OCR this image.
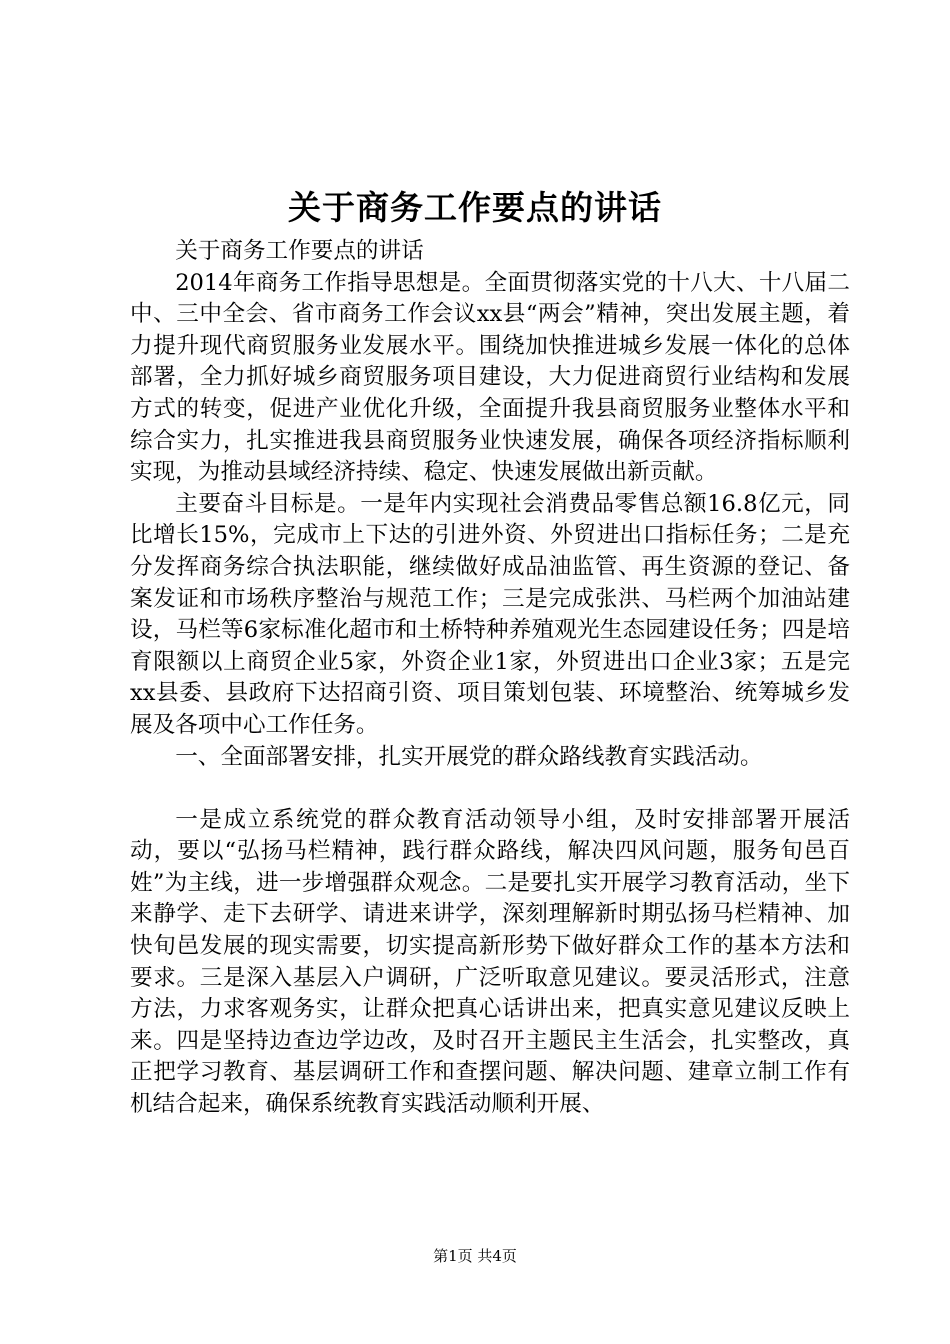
关于商务工作要点的讲话

关于商务工作要点的讲话

2014年商务工作指导思想是。全面贯彻落实党的十八大、十八届二中、三中全会、省市商务工作会议xx县“两会”精神，突出发展主题，着力提升现代商贸服务业发展水平。围绕加快推进城乡发展一体化的总体部署，全力抓好城乡商贸服务项目建设，大力促进商贸行业结构和发展方式的转变，促进产业优化升级，全面提升我县商贸服务业整体水平和综合实力，扎实推进我县商贸服务业快速发展，确保各项经济指标顺利实现，为推动县域经济持续、稳定、快速发展做出新贡献。

主要奋斗目标是。一是年内实现社会消费品零售总额16.8亿元，同比增长15%，完成市上下达的引进外资、外贸进出口指标任务；二是充分发挥商务综合执法职能，继续做好成品油监管、再生资源的登记、备案发证和市场秩序整治与规范工作；三是完成张洪、马栏两个加油站建设，马栏等6家标准化超市和土桥特种养殖观光生态园建设任务；四是培育限额以上商贸企业5家，外资企业1家，外贸进出口企业3家；五是完xx县委、县政府下达招商引资、项目策划包装、环境整治、统筹城乡发展及各项中心工作任务。

一、全面部署安排，扎实开展党的群众路线教育实践活动。

一是成立系统党的群众教育活动领导小组，及时安排部署开展活动，要以“弘扬马栏精神，践行群众路线，解决四风问题，服务旬邑百姓”为主线，进一步增强群众观念。二是要扎实开展学习教育活动，坐下来静学、走下去研学、请进来讲学，深刻理解新时期弘扬马栏精神、加快旬邑发展的现实需要，切实提高新形势下做好群众工作的基本方法和要求。三是深入基层入户调研，广泛听取意见建议。要灵活形式，注意方法，力求客观务实，让群众把真心话讲出来，把真实意见建议反映上来。四是坚持边查边学边改，及时召开主题民主生活会，扎实整改，真正把学习教育、基层调研工作和查摆问题、解决问题、建章立制工作有机结合起来，确保系统教育实践活动顺利开展、

第1页 共4页
